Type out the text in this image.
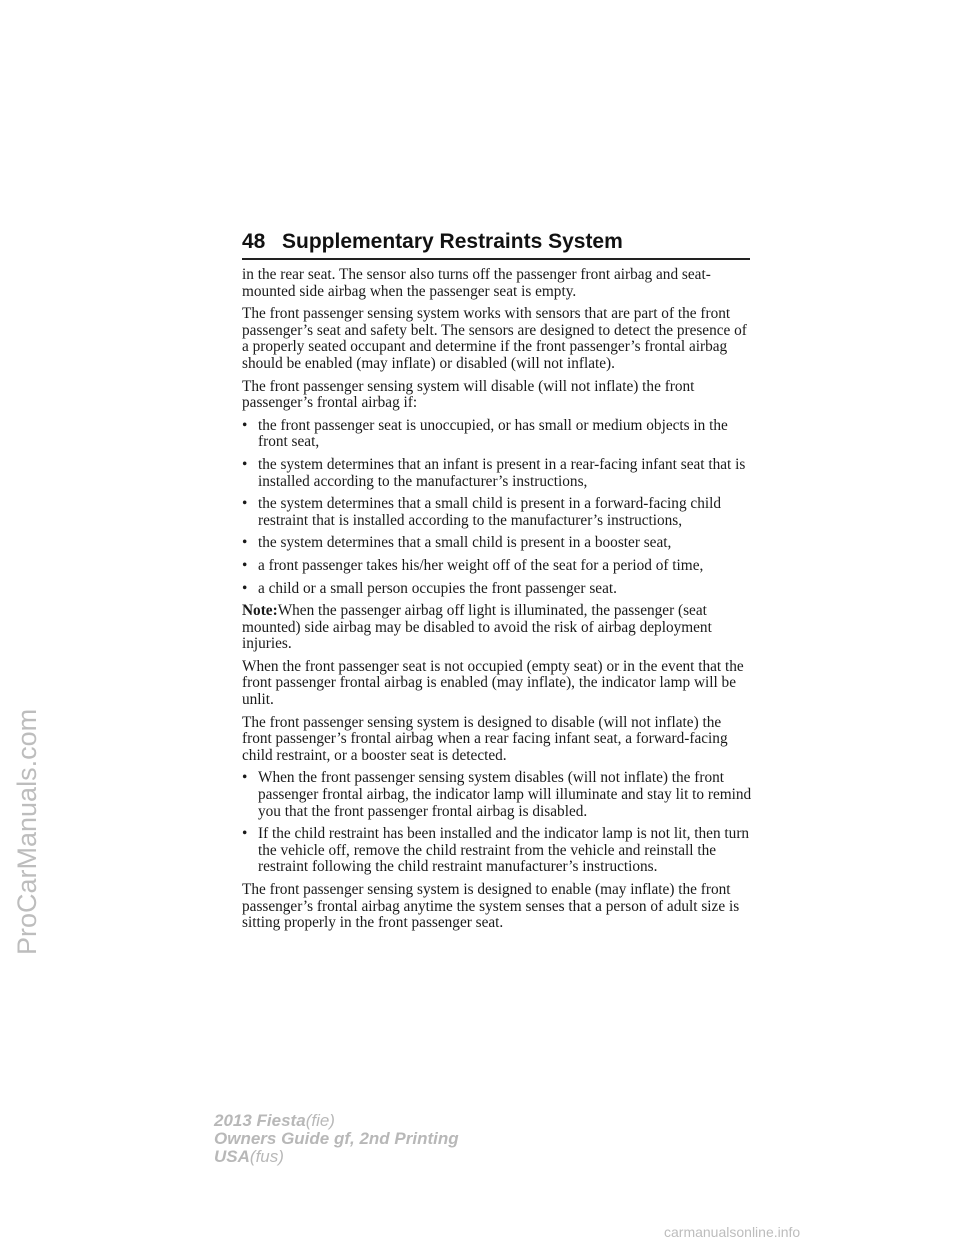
48 Supplementary Restraints System

in the rear seat. The sensor also turns off the passenger front airbag and seat-mounted side airbag when the passenger seat is empty.

The front passenger sensing system works with sensors that are part of the front passenger’s seat and safety belt. The sensors are designed to detect the presence of a properly seated occupant and determine if the front passenger’s frontal airbag should be enabled (may inflate) or disabled (will not inflate).

The front passenger sensing system will disable (will not inflate) the front passenger’s frontal airbag if:

• the front passenger seat is unoccupied, or has small or medium objects in the front seat,
• the system determines that an infant is present in a rear-facing infant seat that is installed according to the manufacturer’s instructions,
• the system determines that a small child is present in a forward-facing child restraint that is installed according to the manufacturer’s instructions,
• the system determines that a small child is present in a booster seat,
• a front passenger takes his/her weight off of the seat for a period of time,
• a child or a small person occupies the front passenger seat.

Note:When the passenger airbag off light is illuminated, the passenger (seat mounted) side airbag may be disabled to avoid the risk of airbag deployment injuries.

When the front passenger seat is not occupied (empty seat) or in the event that the front passenger frontal airbag is enabled (may inflate), the indicator lamp will be unlit.

The front passenger sensing system is designed to disable (will not inflate) the front passenger’s frontal airbag when a rear facing infant seat, a forward-facing child restraint, or a booster seat is detected.

• When the front passenger sensing system disables (will not inflate) the front passenger frontal airbag, the indicator lamp will illuminate and stay lit to remind you that the front passenger frontal airbag is disabled.
• If the child restraint has been installed and the indicator lamp is not lit, then turn the vehicle off, remove the child restraint from the vehicle and reinstall the restraint following the child restraint manufacturer’s instructions.

The front passenger sensing system is designed to enable (may inflate) the front passenger’s frontal airbag anytime the system senses that a person of adult size is sitting properly in the front passenger seat.

ProCarManuals.com
2013 Fiesta(fie)
Owners Guide gf, 2nd Printing
USA(fus)
carmanualsonline.info
